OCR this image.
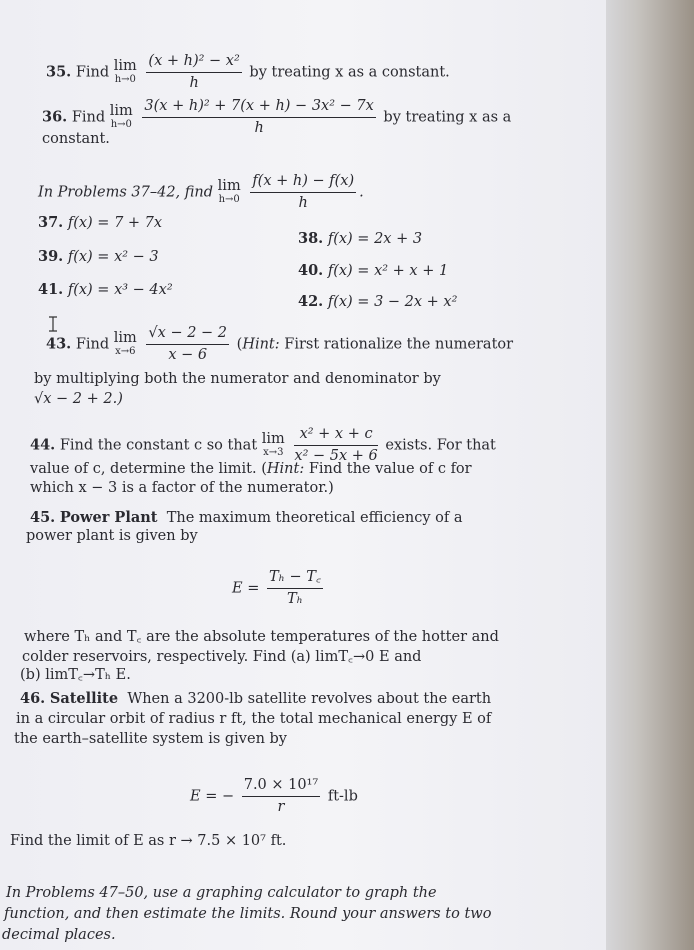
35. Find lim
h→0
$\frac{\text{(x + h)² − x²}}{h}$ by treating x as a constant.
36. Find lim
h→0
$\frac{\text{3(x + h)² + 7(x + h) − 3x² − 7x}}{h}$ by treating x as a
constant.
In Problems 37–42, find lim
h→0
$\frac{f(x + h) - f(x)}{h}$ .
37. f(x) = 7 + 7x
38. f(x) = 2x + 3
39. f(x) = x² − 3
40. f(x) = x² + x + 1
41. f(x) = x³ − 4x²
42. f(x) = 3 − 2x + x²
43. Find lim
x→6
$\frac{√x - 2 - 2}{x - 6}$ (Hint: First rationalize the numerator
by multiplying both the numerator and denominator by
√x − 2 + 2.)
44. Find the constant c so that lim
x→3
$\frac{\text{x² + x + c}}{\text{x² − 5x + 6}}$ exists. For that
value of c, determine the limit. (Hint: Find the value of c for
which x − 3 is a factor of the numerator.)
45. Power Plant The maximum theoretical efficiency of a
power plant is given by
$E = \frac{\text{Tₕ − T꜀}}{\text{Tₕ}}$
where Tₕ and T꜀ are the absolute temperatures of the hotter and
colder reservoirs, respectively. Find (a) limT꜀→0 E and
(b) limT꜀→Tₕ E.
46. Satellite When a 3200-lb satellite revolves about the earth
in a circular orbit of radius r ft, the total mechanical energy E of
the earth–satellite system is given by
E = − $\frac{\text{7.0 × 10¹⁷}}{r} ft-lb$
Find the limit of E as r → 7.5 × 10⁷ ft.
In Problems 47–50, use a graphing calculator to graph the
function, and then estimate the limits. Round your answers to two
decimal places.
